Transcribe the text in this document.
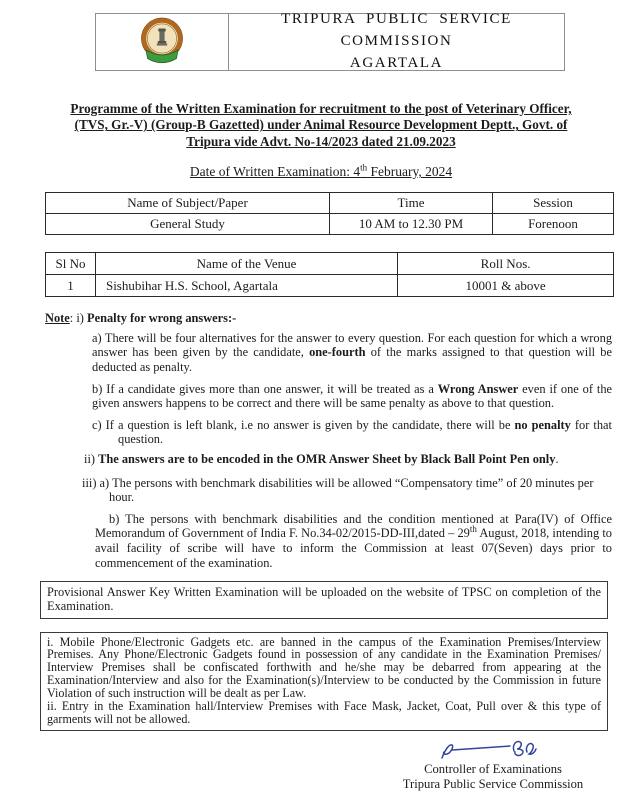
TRIPURA PUBLIC SERVICE COMMISSION
AGARTALA
Programme of the Written Examination for recruitment to the post of Veterinary Officer,
(TVS, Gr.-V) (Group-B Gazetted) under Animal Resource Development Deptt., Govt. of
Tripura vide Advt. No-14/2023 dated 21.09.2023
Date of Written Examination: 4th February, 2024
Name of Subject/Paper	Time	Session
General Study	10 AM to 12.30 PM	Forenoon
Sl No	Name of the Venue	Roll Nos.
1	Sishubihar H.S. School, Agartala	10001 & above
Note: i) Penalty for wrong answers:-

a) There will be four alternatives for the answer to every question. For each question for which a wrong answer has been given by the candidate, one-fourth of the marks assigned to that question will be deducted as penalty.

b) If a candidate gives more than one answer, it will be treated as a Wrong Answer even if one of the given answers happens to be correct and there will be same penalty as above to that question.

c) If a question is left blank, i.e no answer is given by the candidate, there will be no penalty for that question.

ii) The answers are to be encoded in the OMR Answer Sheet by Black Ball Point Pen only.

iii) a) The persons with benchmark disabilities will be allowed “Compensatory time” of 20 minutes per hour.

b) The persons with benchmark disabilities and the condition mentioned at Para(IV) of Office Memorandum of Government of India F. No.34-02/2015-DD-III,dated – 29th August, 2018, intending to avail facility of scribe will have to inform the Commission at least 07(Seven) days prior to commencement of the examination.

Provisional Answer Key Written Examination will be uploaded on the website of TPSC on completion of the Examination.
i. Mobile Phone/Electronic Gadgets etc. are banned in the campus of the Examination Premises/Interview Premises. Any Phone/Electronic Gadgets found in possession of any candidate in the Examination Premises/ Interview Premises shall be confiscated forthwith and he/she may be debarred from appearing at the Examination/Interview and also for the Examination(s)/Interview to be conducted by the Commission in future Violation of such instruction will be dealt as per Law.
ii. Entry in the Examination hall/Interview Premises with Face Mask, Jacket, Coat, Pull over & this type of garments will not be allowed.
Controller of Examinations
Tripura Public Service Commission
